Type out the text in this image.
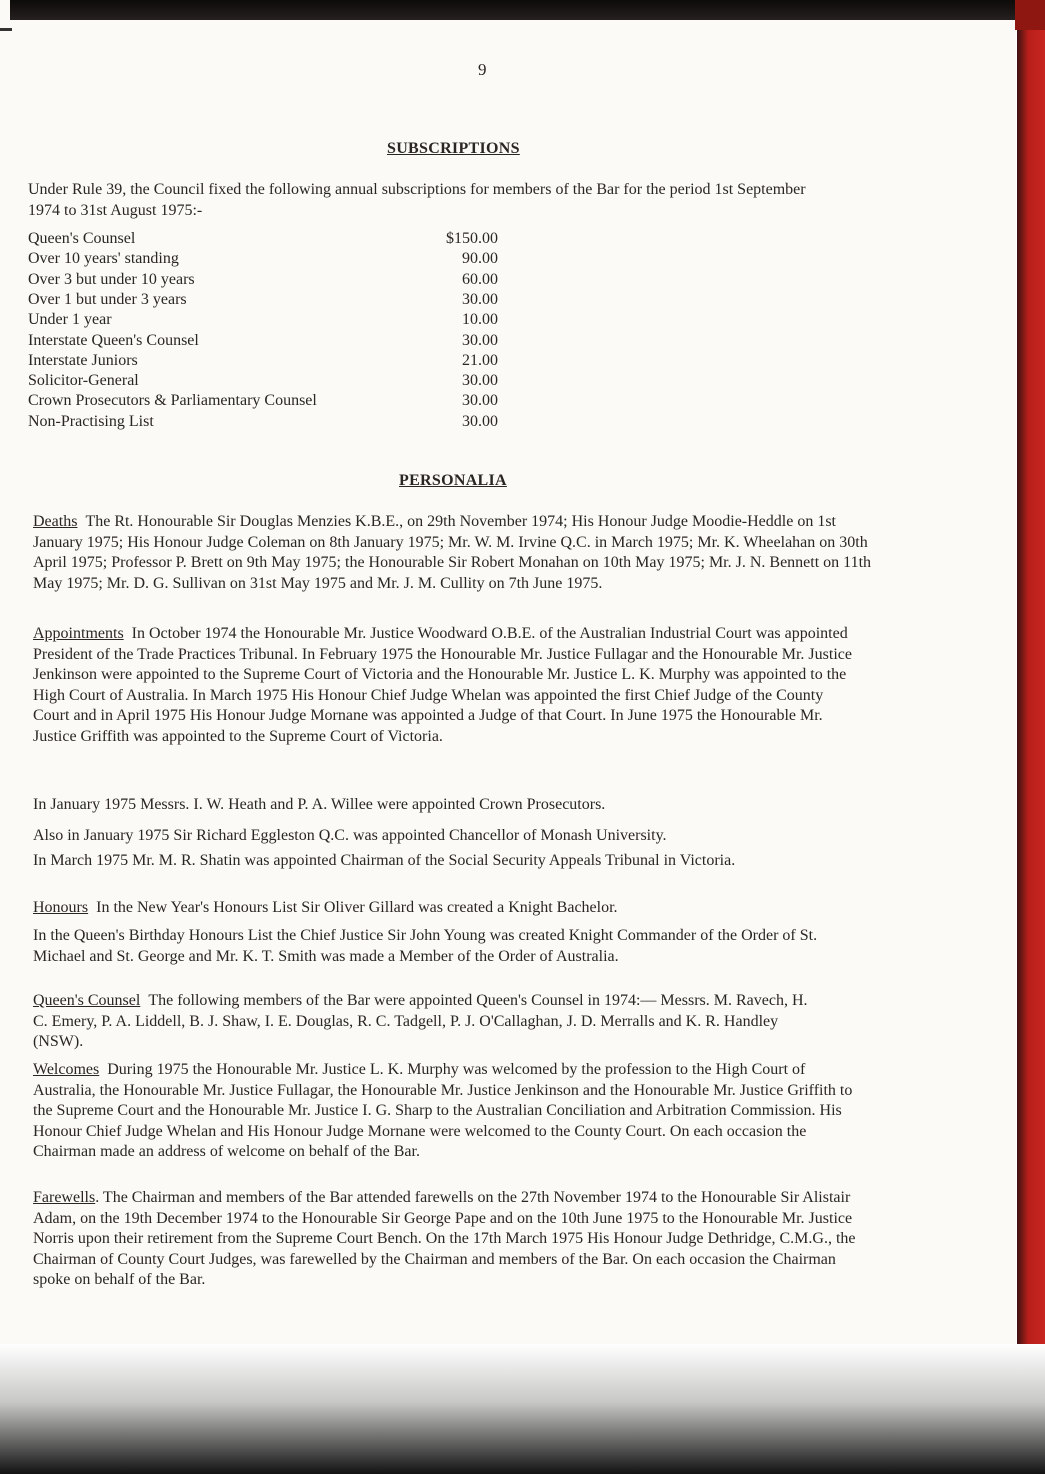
9
SUBSCRIPTIONS

Under Rule 39, the Council fixed the following annual subscriptions for members of the Bar for the period 1st September 1974 to 31st August 1975:-

Queen's Counsel	$150.00
Over 10 years' standing	90.00
Over 3 but under 10 years	60.00
Over 1 but under 3 years	30.00
Under 1 year	10.00
Interstate Queen's Counsel	30.00
Interstate Juniors	21.00
Solicitor-General	30.00
Crown Prosecutors & Parliamentary Counsel	30.00
Non-Practising List	30.00
PERSONALIA

Deaths The Rt. Honourable Sir Douglas Menzies K.B.E., on 29th November 1974; His Honour Judge Moodie-Heddle on 1st January 1975; His Honour Judge Coleman on 8th January 1975; Mr. W. M. Irvine Q.C. in March 1975; Mr. K. Wheelahan on 30th April 1975; Professor P. Brett on 9th May 1975; the Honourable Sir Robert Monahan on 10th May 1975; Mr. J. N. Bennett on 11th May 1975; Mr. D. G. Sullivan on 31st May 1975 and Mr. J. M. Cullity on 7th June 1975.

Appointments In October 1974 the Honourable Mr. Justice Woodward O.B.E. of the Australian Industrial Court was appointed President of the Trade Practices Tribunal. In February 1975 the Honourable Mr. Justice Fullagar and the Honourable Mr. Justice Jenkinson were appointed to the Supreme Court of Victoria and the Honourable Mr. Justice L. K. Murphy was appointed to the High Court of Australia. In March 1975 His Honour Chief Judge Whelan was appointed the first Chief Judge of the County Court and in April 1975 His Honour Judge Mornane was appointed a Judge of that Court. In June 1975 the Honourable Mr. Justice Griffith was appointed to the Supreme Court of Victoria.

In January 1975 Messrs. I. W. Heath and P. A. Willee were appointed Crown Prosecutors.

Also in January 1975 Sir Richard Eggleston Q.C. was appointed Chancellor of Monash University.

In March 1975 Mr. M. R. Shatin was appointed Chairman of the Social Security Appeals Tribunal in Victoria.

Honours In the New Year's Honours List Sir Oliver Gillard was created a Knight Bachelor.

In the Queen's Birthday Honours List the Chief Justice Sir John Young was created Knight Commander of the Order of St. Michael and St. George and Mr. K. T. Smith was made a Member of the Order of Australia.

Queen's Counsel The following members of the Bar were appointed Queen's Counsel in 1974:— Messrs. M. Ravech, H. C. Emery, P. A. Liddell, B. J. Shaw, I. E. Douglas, R. C. Tadgell, P. J. O'Callaghan, J. D. Merralls and K. R. Handley (NSW).

Welcomes During 1975 the Honourable Mr. Justice L. K. Murphy was welcomed by the profession to the High Court of Australia, the Honourable Mr. Justice Fullagar, the Honourable Mr. Justice Jenkinson and the Honourable Mr. Justice Griffith to the Supreme Court and the Honourable Mr. Justice I. G. Sharp to the Australian Conciliation and Arbitration Commission. His Honour Chief Judge Whelan and His Honour Judge Mornane were welcomed to the County Court. On each occasion the Chairman made an address of welcome on behalf of the Bar.

Farewells. The Chairman and members of the Bar attended farewells on the 27th November 1974 to the Honourable Sir Alistair Adam, on the 19th December 1974 to the Honourable Sir George Pape and on the 10th June 1975 to the Honourable Mr. Justice Norris upon their retirement from the Supreme Court Bench. On the 17th March 1975 His Honour Judge Dethridge, C.M.G., the Chairman of County Court Judges, was farewelled by the Chairman and members of the Bar. On each occasion the Chairman spoke on behalf of the Bar.
